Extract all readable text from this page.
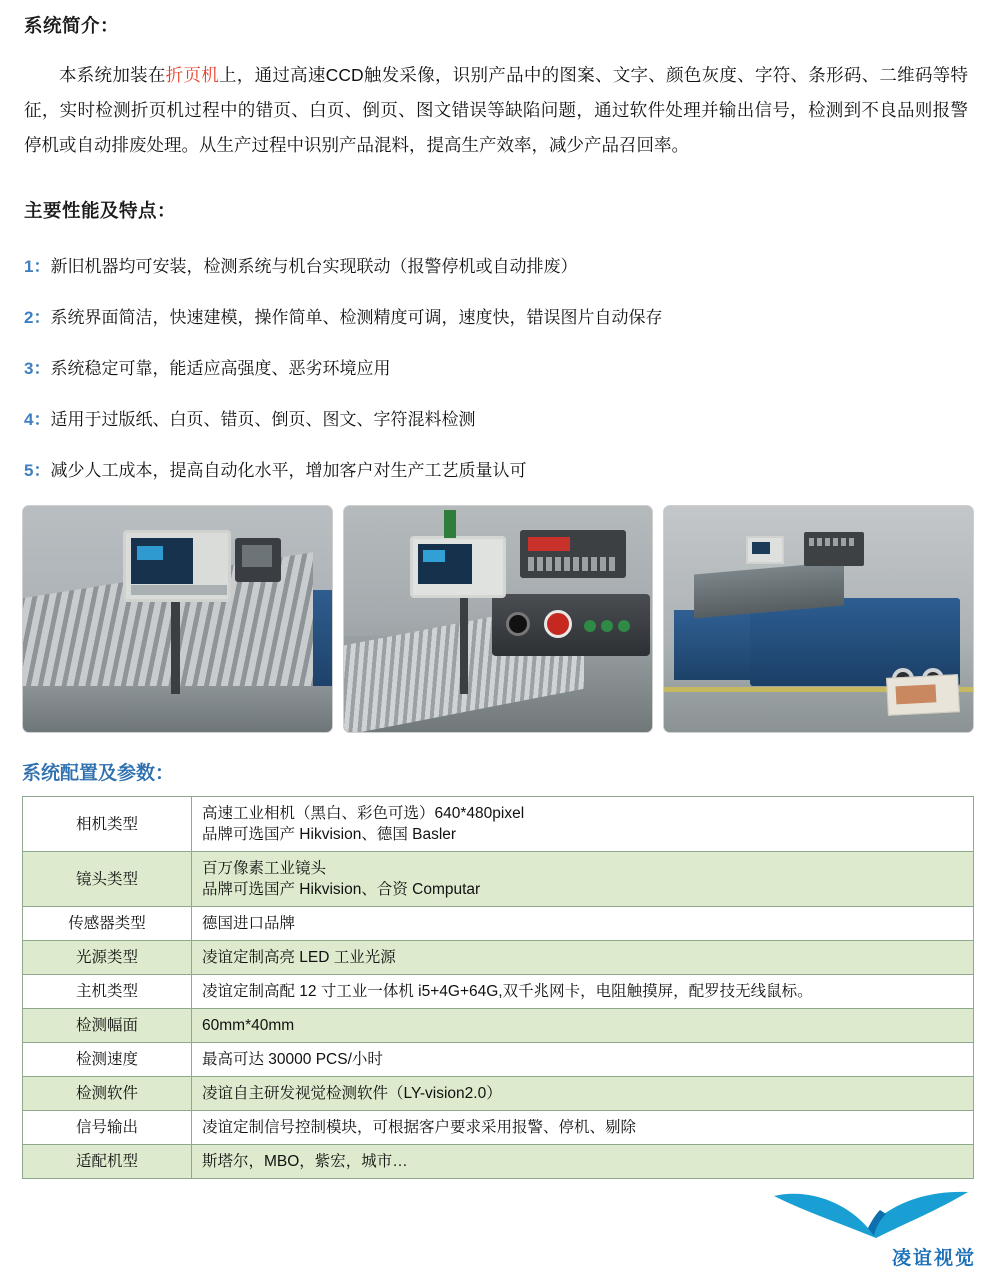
系统简介：

本系统加装在折页机上，通过高速CCD触发采像，识别产品中的图案、文字、颜色灰度、字符、条形码、二维码等特征，实时检测折页机过程中的错页、白页、倒页、图文错误等缺陷问题，通过软件处理并输出信号，检测到不良品则报警停机或自动排废处理。从生产过程中识别产品混料，提高生产效率，减少产品召回率。

主要性能及特点：
1：新旧机器均可安装，检测系统与机台实现联动（报警停机或自动排废）
2：系统界面简洁，快速建模，操作简单、检测精度可调，速度快，错误图片自动保存
3：系统稳定可靠，能适应高强度、恶劣环境应用
4：适用于过版纸、白页、错页、倒页、图文、字符混料检测
5：减少人工成本，提高自动化水平，增加客户对生产工艺质量认可
系统配置及参数：
相机类型	高速工业相机（黑白、彩色可选）640*480pixel
品牌可选国产 Hikvision、德国 Basler

镜头类型	百万像素工业镜头
品牌可选国产 Hikvision、合资 Computar

传感器类型	德国进口品牌
光源类型	凌谊定制高亮 LED 工业光源
主机类型	凌谊定制高配 12 寸工业一体机 i5+4G+64G,双千兆网卡，电阻触摸屏，配罗技无线鼠标。
检测幅面	60mm*40mm
检测速度	最高可达 30000 PCS/小时
检测软件	凌谊自主研发视觉检测软件（LY-vision2.0）
信号输出	凌谊定制信号控制模块，可根据客户要求采用报警、停机、剔除
适配机型	斯塔尔，MBO，紫宏，城市…
凌谊视觉
